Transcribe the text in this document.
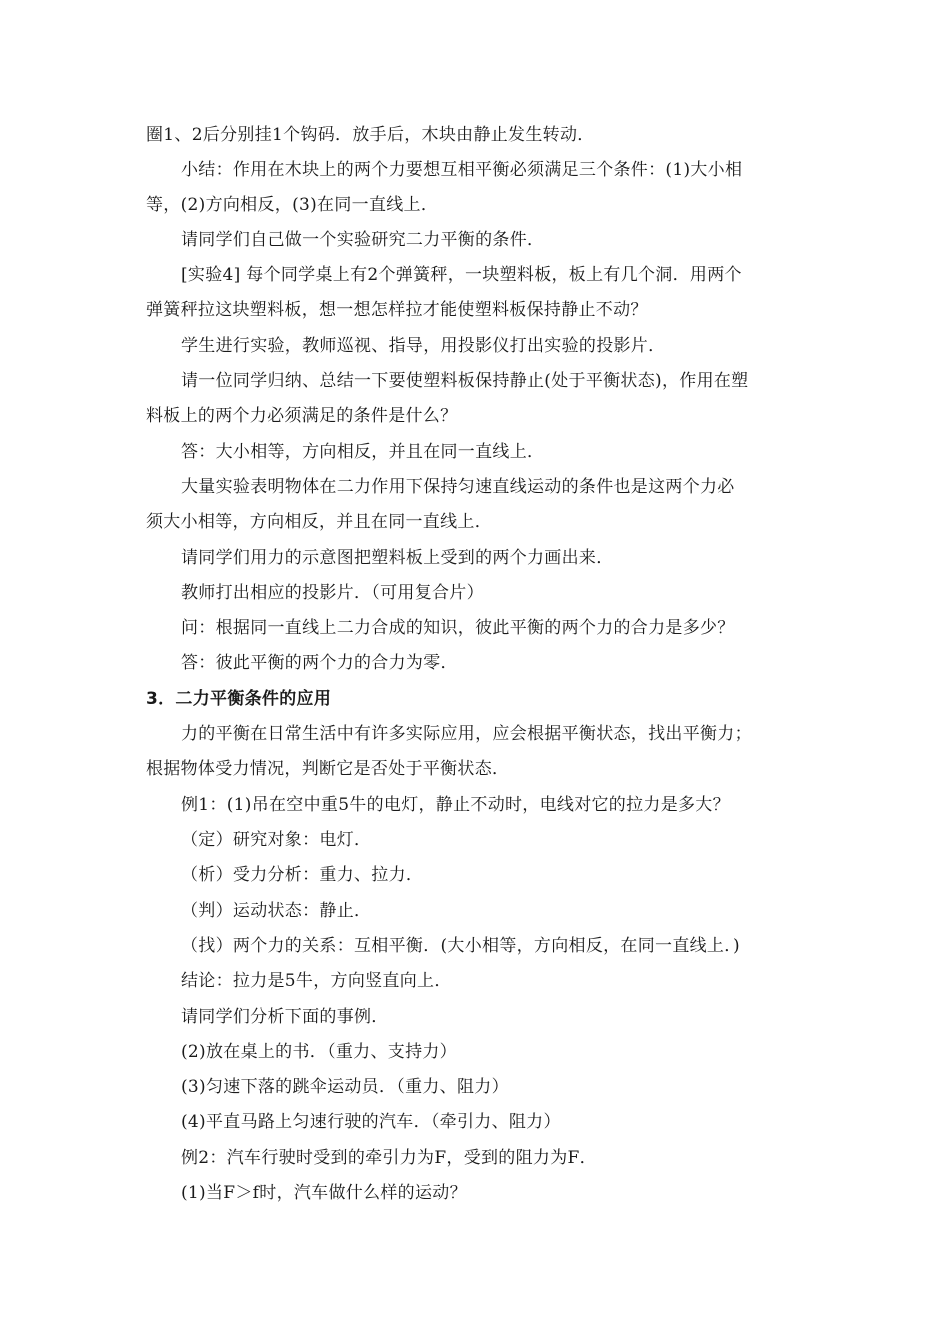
圈1、2后分别挂1个钩码．放手后，木块由静止发生转动．
小结：作用在木块上的两个力要想互相平衡必须满足三个条件：(1)大小相
等，(2)方向相反，(3)在同一直线上．
请同学们自己做一个实验研究二力平衡的条件．
[实验4] 每个同学桌上有2个弹簧秤，一块塑料板，板上有几个洞．用两个
弹簧秤拉这块塑料板，想一想怎样拉才能使塑料板保持静止不动？
学生进行实验，教师巡视、指导，用投影仪打出实验的投影片．
请一位同学归纳、总结一下要使塑料板保持静止(处于平衡状态)，作用在塑
料板上的两个力必须满足的条件是什么？
答：大小相等，方向相反，并且在同一直线上．
大量实验表明物体在二力作用下保持匀速直线运动的条件也是这两个力必
须大小相等，方向相反，并且在同一直线上．
请同学们用力的示意图把塑料板上受到的两个力画出来．
教师打出相应的投影片．（可用复合片）
问：根据同一直线上二力合成的知识，彼此平衡的两个力的合力是多少？
答：彼此平衡的两个力的合力为零．
3．二力平衡条件的应用
力的平衡在日常生活中有许多实际应用，应会根据平衡状态，找出平衡力；
根据物体受力情况，判断它是否处于平衡状态．
例1：(1)吊在空中重5牛的电灯，静止不动时，电线对它的拉力是多大？
（定）研究对象：电灯．
（析）受力分析：重力、拉力．
（判）运动状态：静止．
（找）两个力的关系：互相平衡．(大小相等，方向相反，在同一直线上．)
结论：拉力是5牛，方向竖直向上．
请同学们分析下面的事例．
(2)放在桌上的书．（重力、支持力）
(3)匀速下落的跳伞运动员．（重力、阻力）
(4)平直马路上匀速行驶的汽车．（牵引力、阻力）
例2：汽车行驶时受到的牵引力为F，受到的阻力为F．
(1)当F＞f时，汽车做什么样的运动？
